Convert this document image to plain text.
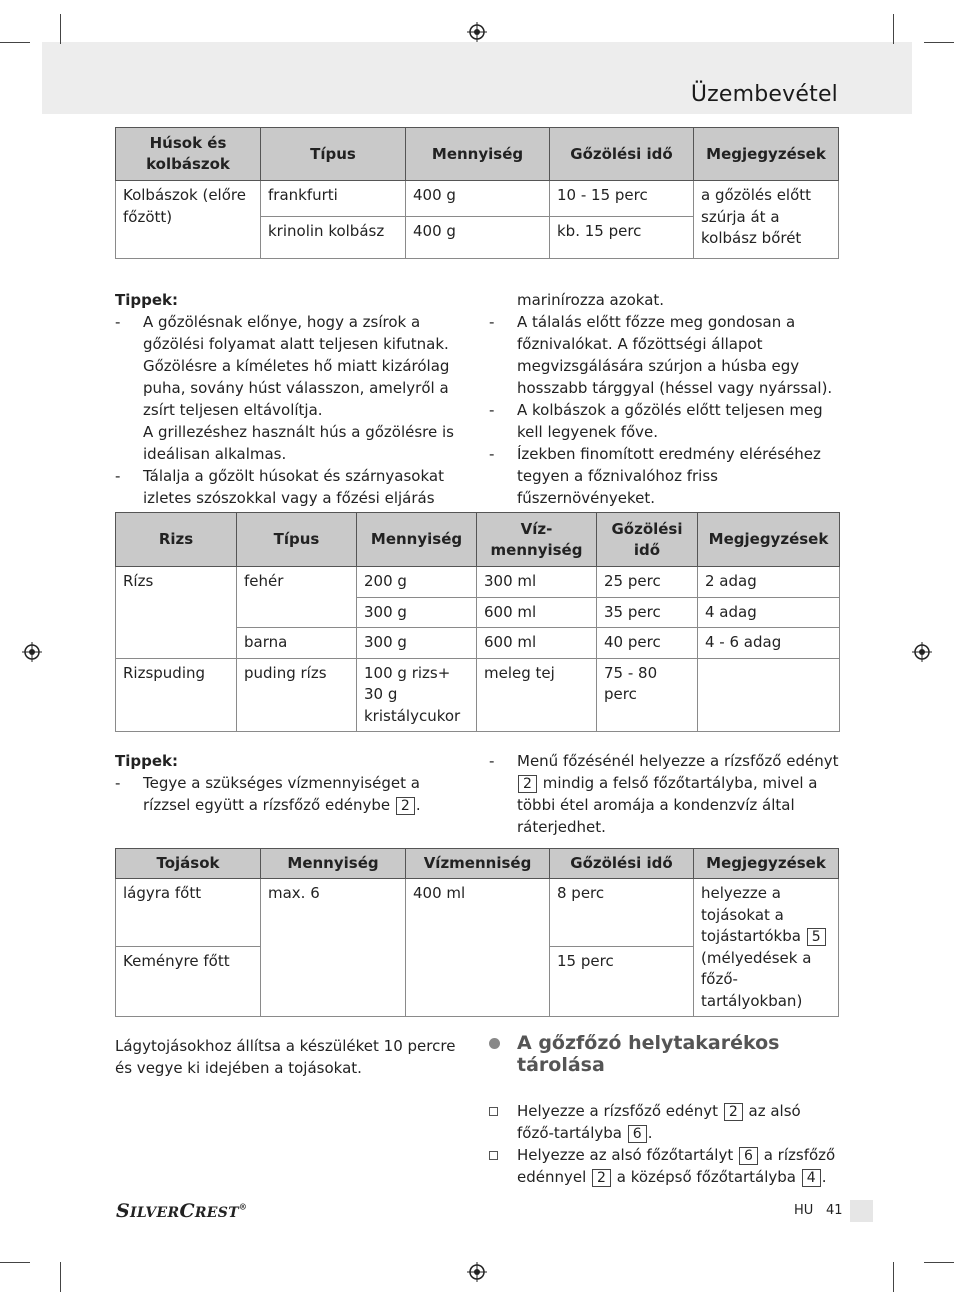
Üzembevétel
Húsok és kolbászok	Típus	Mennyiség	Gőzölési idő	Megjegyzések
Kolbászok (előre főzött)	frankfurti	400 g	10 - 15 perc	a gőzölés előtt szúrja át a kolbász bőrét
	krinolin kolbász	400 g	kb. 15 perc	
Tippek:
- A gőzölésnak előnye, hogy a zsírok a gőzölési folyamat alatt teljesen kifutnak. Gőzölésre a kíméletes hő miatt kizárólag puha, sovány húst válasszon, amelyről a zsírt teljesen eltávolítja.
A grillezéshez használt hús a gőzölésre is ideálisan alkalmas.
- Tálalja a gőzölt húsokat és szárnyasokat izletes szószokkal vagy a főzési eljárás
marinírozza azokat.
- A tálalás előtt főzze meg gondosan a főznivalókat. A főzöttségi állapot megvizsgálására szúrjon a húsba egy hosszabb tárggyal (héssel vagy nyárssal).
- A kolbászok a gőzölés előtt teljesen meg kell legyenek főve.
- Ízekben finomított eredmény eléréséhez tegyen a főznivalóhoz friss fűszernövényeket.
Rizs	Típus	Mennyiség	Víz-mennyiség	Gőzölési idő	Megjegyzések
Rízs	fehér	200 g	300 ml	25 perc	2 adag
		300 g	600 ml	35 perc	4 adag
	barna	300 g	600 ml	40 perc	4 - 6 adag
Rizspuding	puding rízs	100 g rizs+ 30 g kristálycukor	meleg tej	75 - 80 perc	
Tippek:
- Tegye a szükséges vízmennyiséget a rízzsel együtt a rízsfőző edénybe 2 .
- Menű főzésénél helyezze a rízsfőző edényt 2 mindig a felső főzőtartályba, mivel a többi étel aromája a kondenzvíz által ráterjedhet.
Tojások	Mennyiség	Vízmenniség	Gőzölési idő	Megjegyzések
lágyra főtt	max. 6	400 ml	8 perc	helyezze a tojásokat a tojástartókba 5 (mélyedések a főző-tartályokban)
Keményre főtt			15 perc	
Lágytojásokhoz állítsa a készüléket 10 percre és vegye ki idejében a tojásokat.
A gőzfőzó helytakarékos tárolása
Helyezze a rízsfőző edényt 2 az alsó főző-tartályba 6 .
Helyezze az alsó főzőtartályt 6 a rízsfőző edénnyel 2 a középső főzőtartályba 4 .
SILVERCREST®	HU 41
